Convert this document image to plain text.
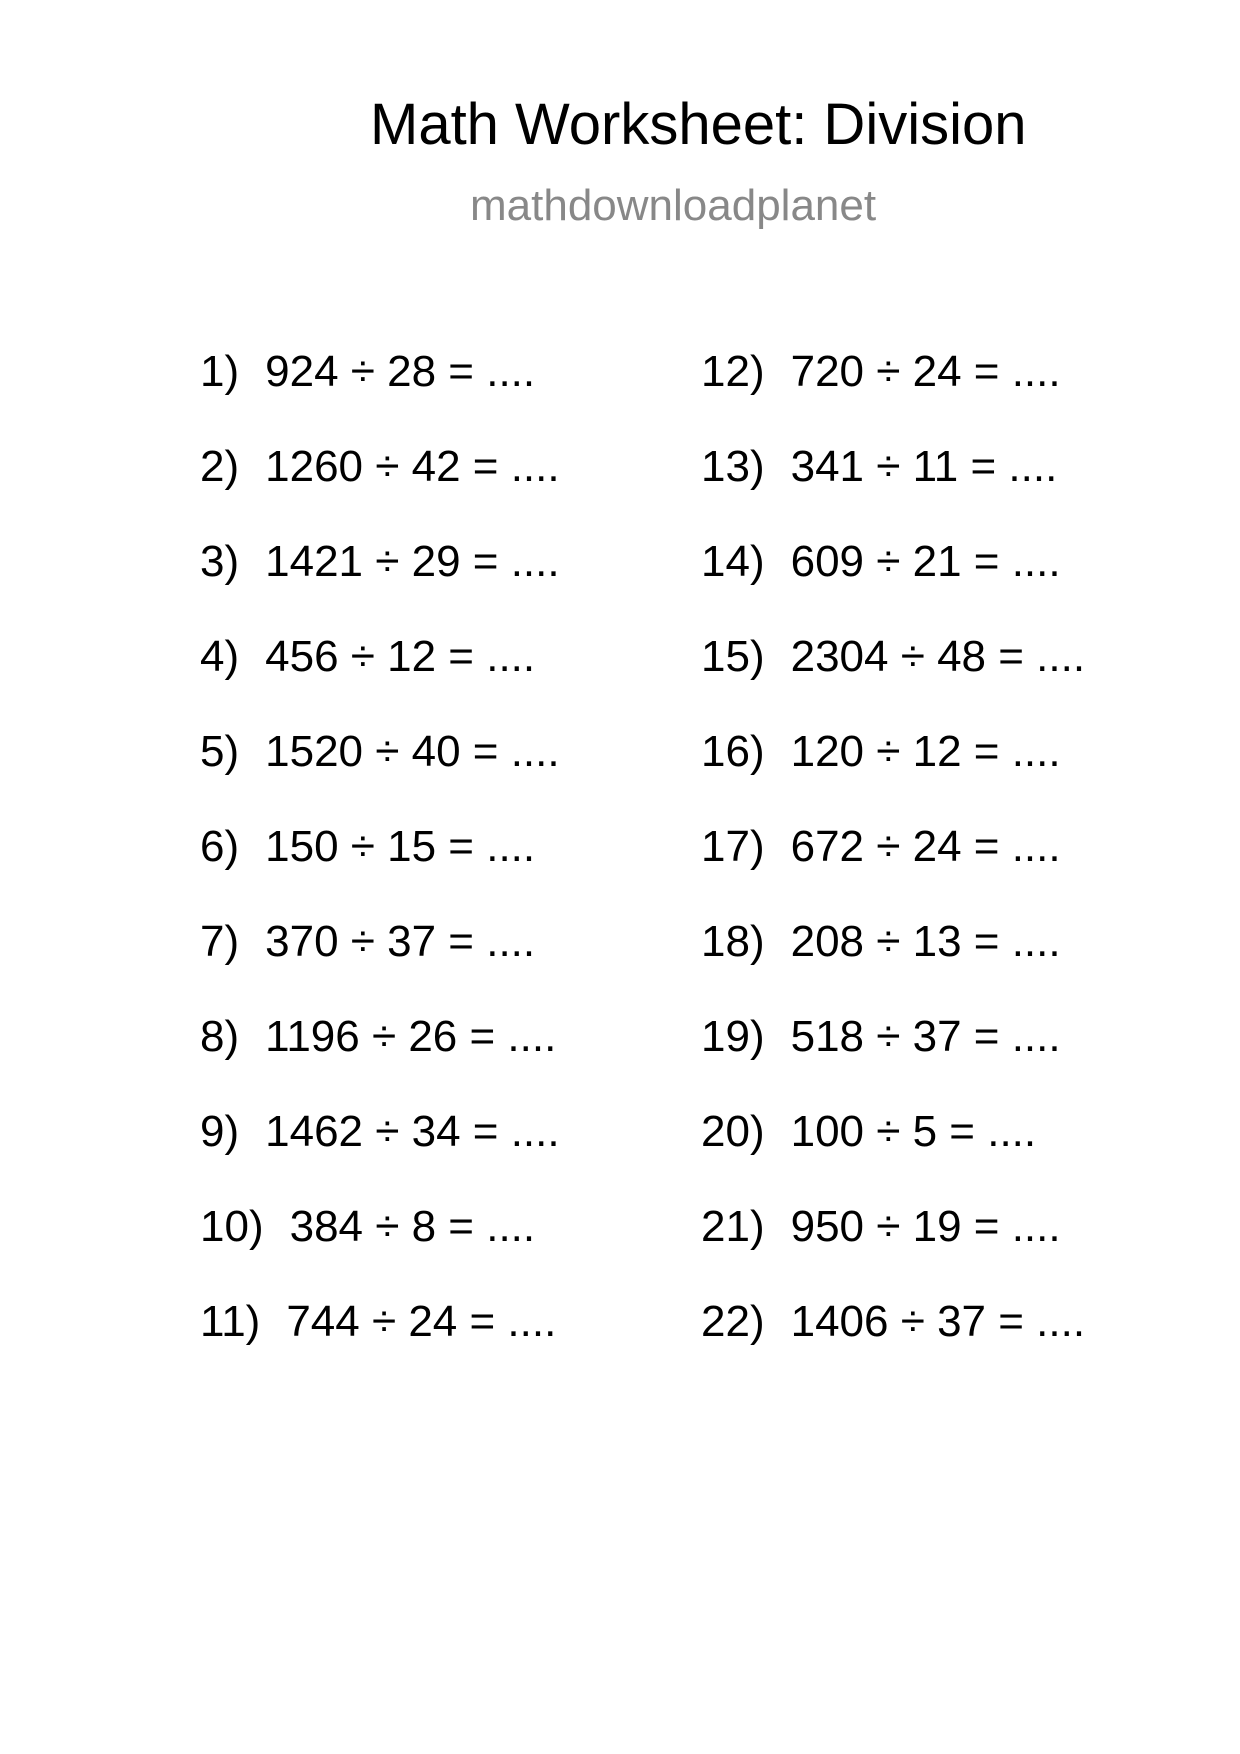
Math Worksheet: Division
mathdownloadplanet
1) 924 ÷ 28 = ....
2) 1260 ÷ 42 = ....
3) 1421 ÷ 29 = ....
4) 456 ÷ 12 = ....
5) 1520 ÷ 40 = ....
6) 150 ÷ 15 = ....
7) 370 ÷ 37 = ....
8) 1196 ÷ 26 = ....
9) 1462 ÷ 34 = ....
10) 384 ÷ 8 = ....
11) 744 ÷ 24 = ....
12) 720 ÷ 24 = ....
13) 341 ÷ 11 = ....
14) 609 ÷ 21 = ....
15) 2304 ÷ 48 = ....
16) 120 ÷ 12 = ....
17) 672 ÷ 24 = ....
18) 208 ÷ 13 = ....
19) 518 ÷ 37 = ....
20) 100 ÷ 5 = ....
21) 950 ÷ 19 = ....
22) 1406 ÷ 37 = ....
